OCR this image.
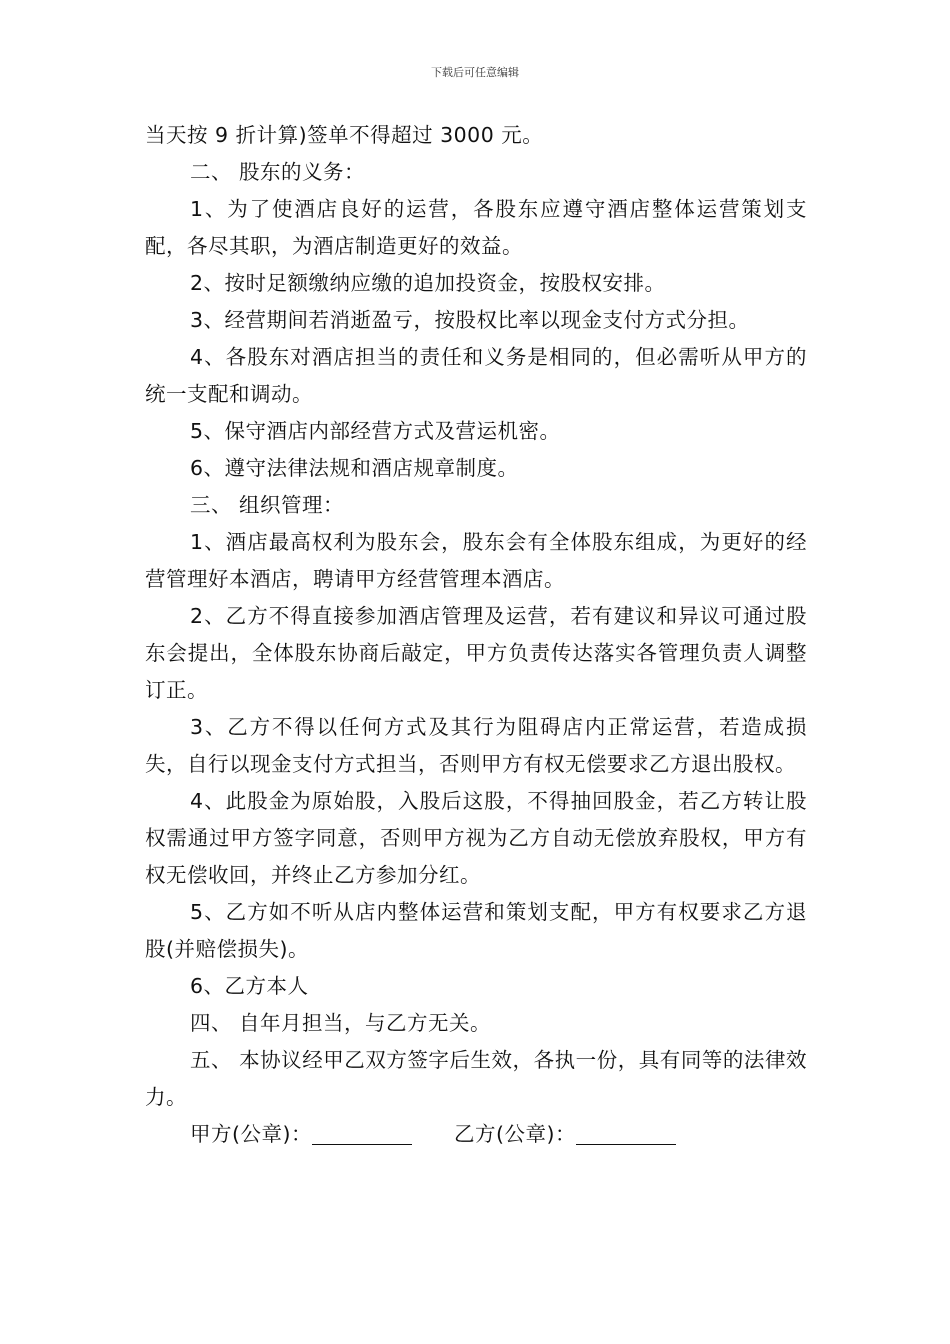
下载后可任意编辑

当天按 9 折计算)签单不得超过 3000 元。

二、 股东的义务：

1、为了使酒店良好的运营，各股东应遵守酒店整体运营策划支配，各尽其职，为酒店制造更好的效益。

2、按时足额缴纳应缴的追加投资金，按股权安排。

3、经营期间若消逝盈亏，按股权比率以现金支付方式分担。

4、各股东对酒店担当的责任和义务是相同的，但必需听从甲方的统一支配和调动。

5、保守酒店内部经营方式及营运机密。

6、遵守法律法规和酒店规章制度。

三、 组织管理：

1、酒店最高权利为股东会，股东会有全体股东组成，为更好的经营管理好本酒店，聘请甲方经营管理本酒店。

2、乙方不得直接参加酒店管理及运营，若有建议和异议可通过股东会提出，全体股东协商后敲定，甲方负责传达落实各管理负责人调整订正。

3、乙方不得以任何方式及其行为阻碍店内正常运营，若造成损失，自行以现金支付方式担当，否则甲方有权无偿要求乙方退出股权。

4、此股金为原始股，入股后这股，不得抽回股金，若乙方转让股权需通过甲方签字同意，否则甲方视为乙方自动无偿放弃股权，甲方有权无偿收回，并终止乙方参加分红。

5、乙方如不听从店内整体运营和策划支配，甲方有权要求乙方退股(并赔偿损失)。

6、乙方本人

四、 自年月担当，与乙方无关。

五、 本协议经甲乙双方签字后生效，各执一份，具有同等的法律效力。

甲方(公章)：	乙方(公章)：
